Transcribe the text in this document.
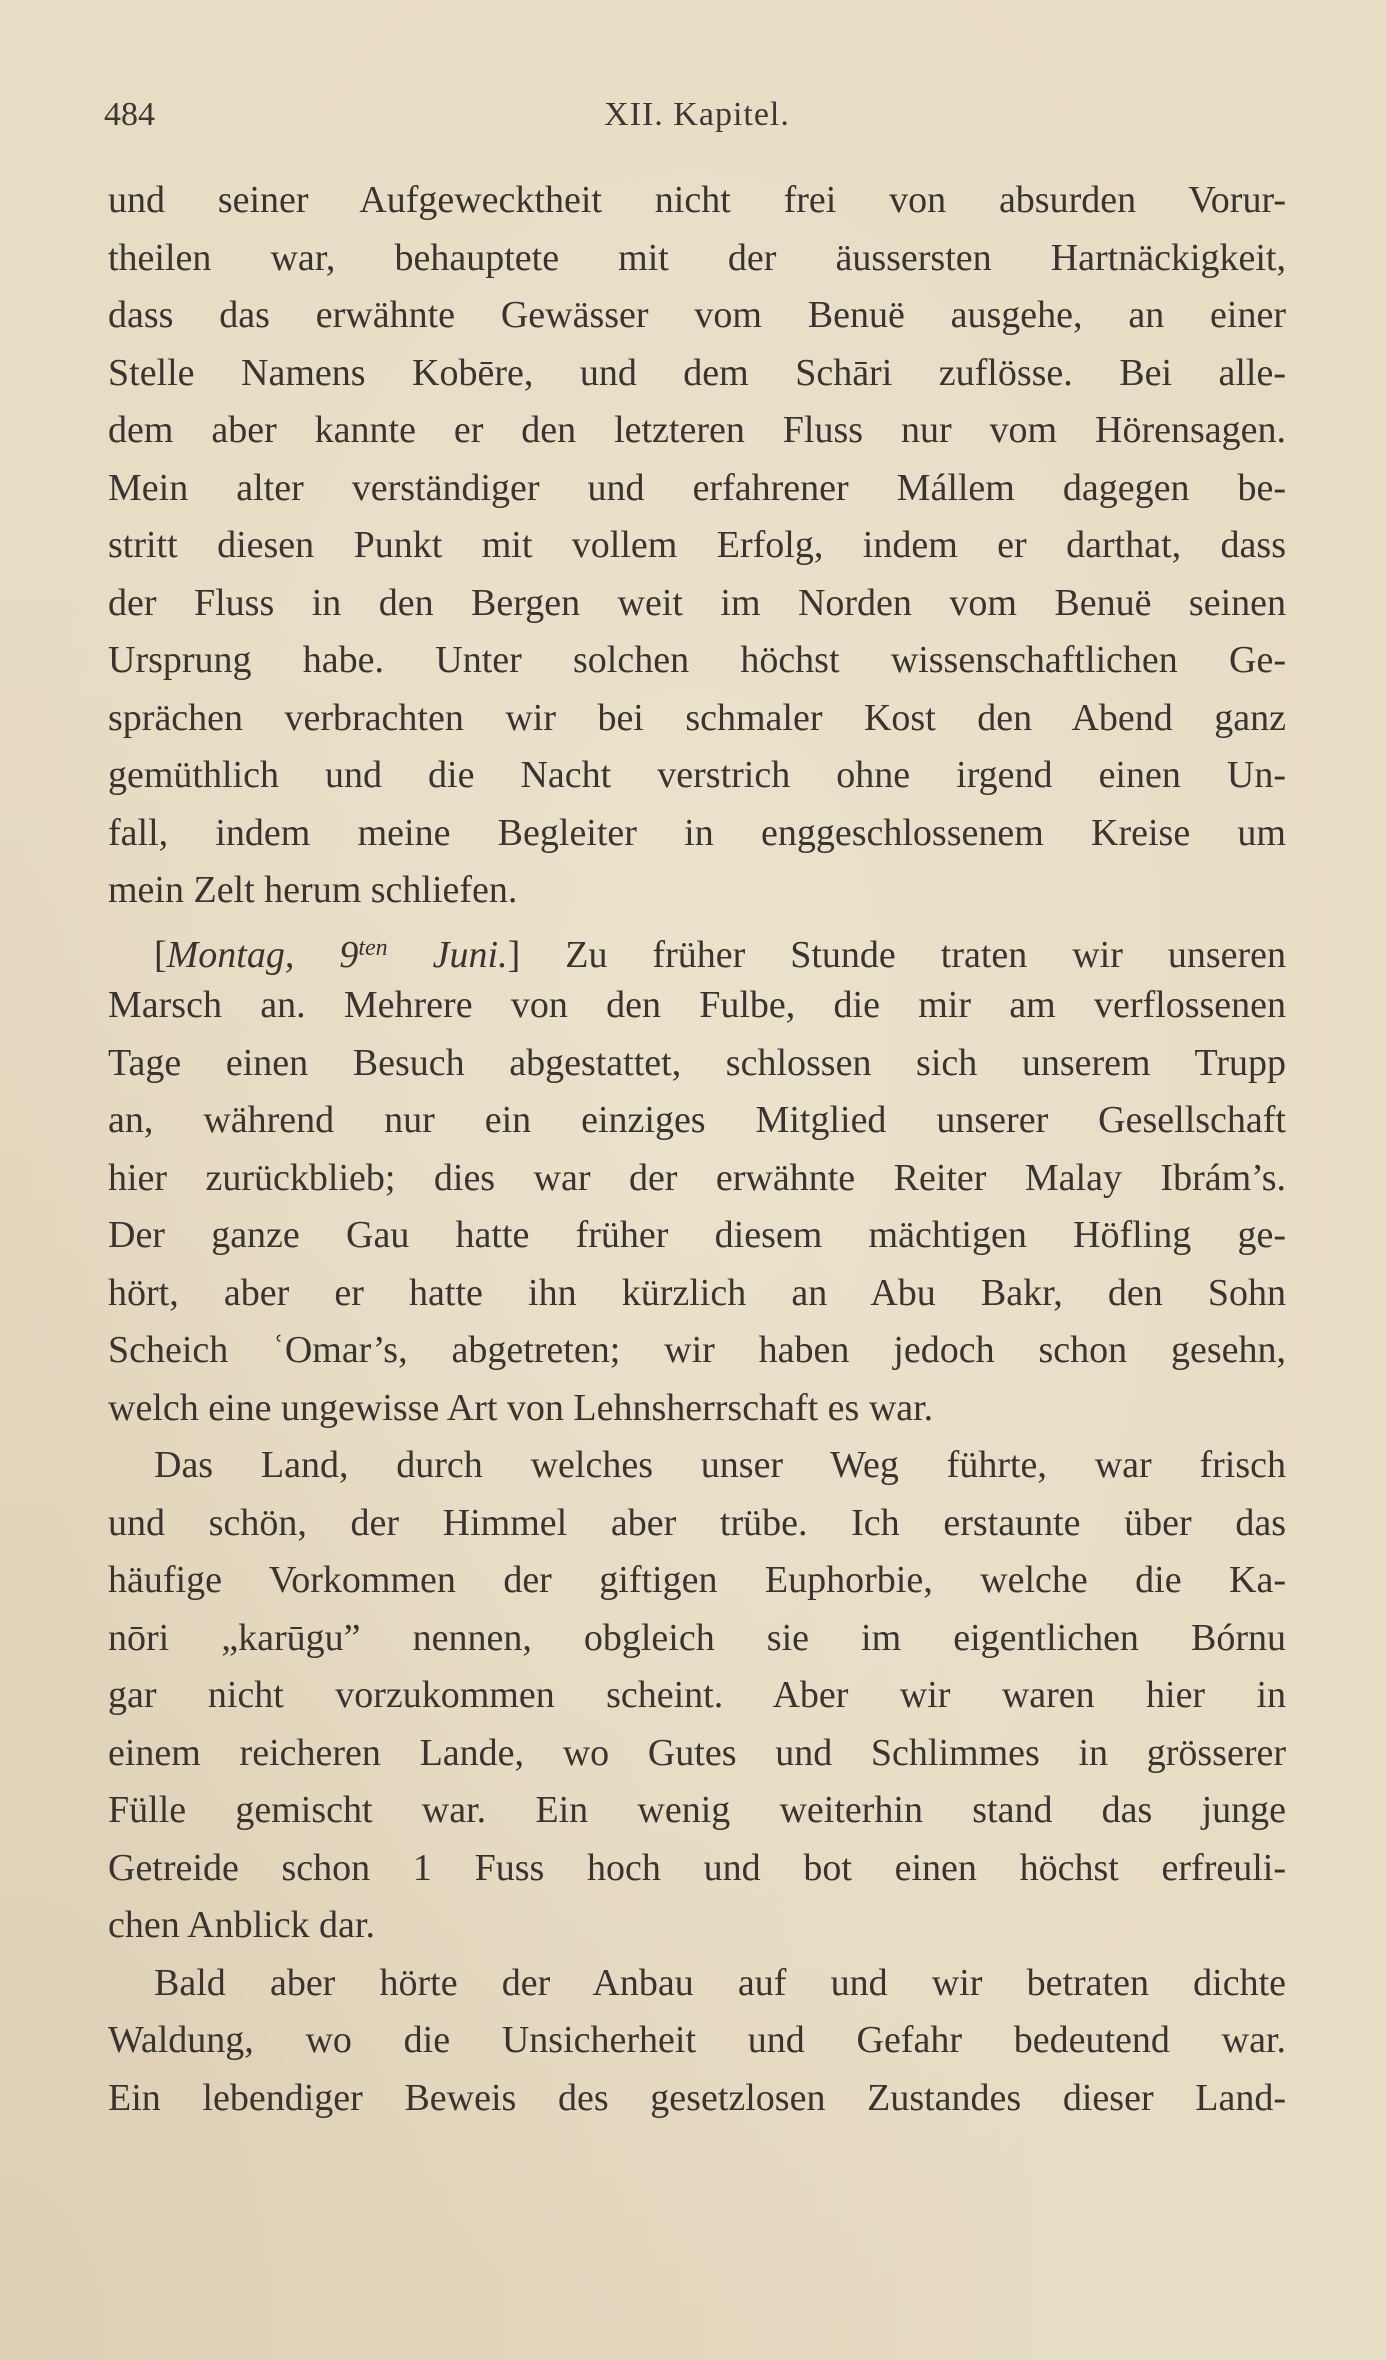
484	XII. Kapitel.
und seiner Aufgewecktheit nicht frei von absurden Vorur-
theilen war, behauptete mit der äussersten Hartnäckigkeit,
dass das erwähnte Gewässer vom Benuë ausgehe, an einer
Stelle Namens Kobēre, und dem Schāri zuflösse. Bei alle-
dem aber kannte er den letzteren Fluss nur vom Hörensagen.
Mein alter verständiger und erfahrener Mállem dagegen be-
stritt diesen Punkt mit vollem Erfolg, indem er darthat, dass
der Fluss in den Bergen weit im Norden vom Benuë seinen
Ursprung habe. Unter solchen höchst wissenschaftlichen Ge-
sprächen verbrachten wir bei schmaler Kost den Abend ganz
gemüthlich und die Nacht verstrich ohne irgend einen Un-
fall, indem meine Begleiter in enggeschlossenem Kreise um
mein Zelt herum schliefen.
[Montag, $9^{ten}$ Juni.] Zu früher Stunde traten wir unseren
Marsch an. Mehrere von den Fulbe, die mir am verflossenen
Tage einen Besuch abgestattet, schlossen sich unserem Trupp
an, während nur ein einziges Mitglied unserer Gesellschaft
hier zurückblieb; dies war der erwähnte Reiter Malay Ibrám’s.
Der ganze Gau hatte früher diesem mächtigen Höfling ge-
hört, aber er hatte ihn kürzlich an Abu Bakr, den Sohn
Scheich ʿOmar’s, abgetreten; wir haben jedoch schon gesehn,
welch eine ungewisse Art von Lehnsherrschaft es war.
Das Land, durch welches unser Weg führte, war frisch
und schön, der Himmel aber trübe. Ich erstaunte über das
häufige Vorkommen der giftigen Euphorbie, welche die Ka-
nōri „karūgu” nennen, obgleich sie im eigentlichen Bórnu
gar nicht vorzukommen scheint. Aber wir waren hier in
einem reicheren Lande, wo Gutes und Schlimmes in grösserer
Fülle gemischt war. Ein wenig weiterhin stand das junge
Getreide schon 1 Fuss hoch und bot einen höchst erfreuli-
chen Anblick dar.
Bald aber hörte der Anbau auf und wir betraten dichte
Waldung, wo die Unsicherheit und Gefahr bedeutend war.
Ein lebendiger Beweis des gesetzlosen Zustandes dieser Land-
